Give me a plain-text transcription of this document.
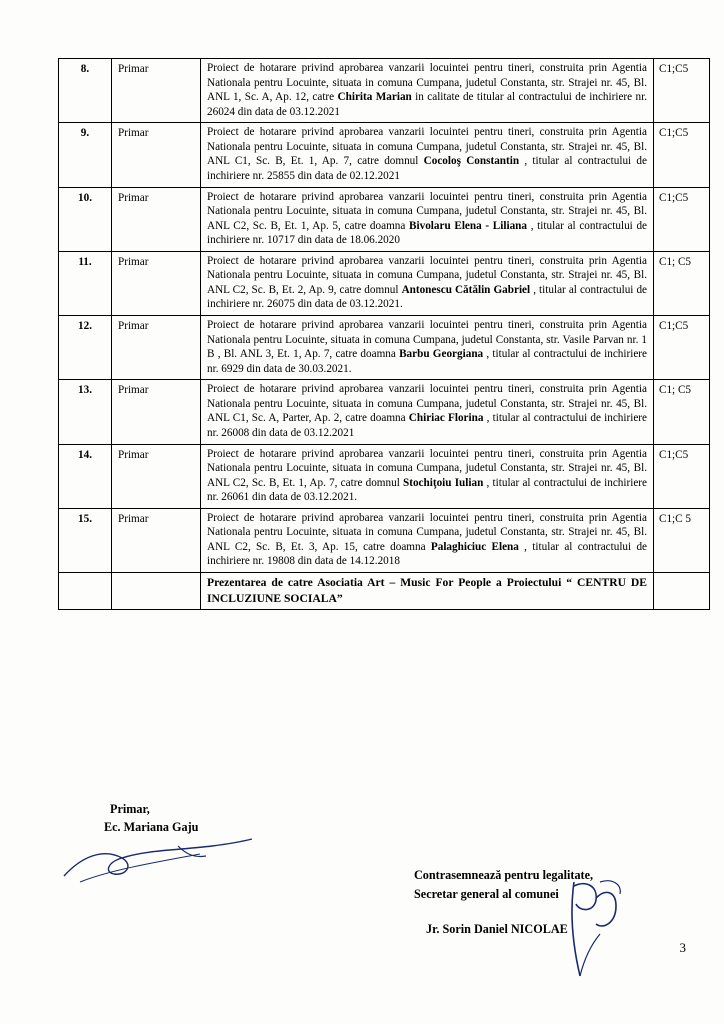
8.	Primar	Proiect de hotarare privind aprobarea vanzarii locuintei pentru tineri, construita prin Agentia Nationala pentru Locuinte, situata in comuna Cumpana, judetul Constanta, str. Strajei nr. 45, Bl. ANL 1, Sc. A, Ap. 12, catre Chirita Marian in calitate de titular al contractului de inchiriere nr. 26024 din data de 03.12.2021	C1;C5
9.	Primar	Proiect de hotarare privind aprobarea vanzarii locuintei pentru tineri, construita prin Agentia Nationala pentru Locuinte, situata in comuna Cumpana, judetul Constanta, str. Strajei nr. 45, Bl. ANL C1, Sc. B, Et. 1, Ap. 7, catre domnul Cocoloş Constantin , titular al contractului de inchiriere nr. 25855 din data de 02.12.2021	C1;C5
10.	Primar	Proiect de hotarare privind aprobarea vanzarii locuintei pentru tineri, construita prin Agentia Nationala pentru Locuinte, situata in comuna Cumpana, judetul Constanta, str. Strajei nr. 45, Bl. ANL C2, Sc. B, Et. 1, Ap. 5, catre doamna Bivolaru Elena - Liliana , titular al contractului de inchiriere nr. 10717 din data de 18.06.2020	C1;C5
11.	Primar	Proiect de hotarare privind aprobarea vanzarii locuintei pentru tineri, construita prin Agentia Nationala pentru Locuinte, situata in comuna Cumpana, judetul Constanta, str. Strajei nr. 45, Bl. ANL C2, Sc. B, Et. 2, Ap. 9, catre domnul Antonescu Cătălin Gabriel , titular al contractului de inchiriere nr. 26075 din data de 03.12.2021.	C1; C5
12.	Primar	Proiect de hotarare privind aprobarea vanzarii locuintei pentru tineri, construita prin Agentia Nationala pentru Locuinte, situata in comuna Cumpana, judetul Constanta, str. Vasile Parvan nr. 1 B , Bl. ANL 3, Et. 1, Ap. 7, catre doamna Barbu Georgiana , titular al contractului de inchiriere nr. 6929 din data de 30.03.2021.	C1;C5
13.	Primar	Proiect de hotarare privind aprobarea vanzarii locuintei pentru tineri, construita prin Agentia Nationala pentru Locuinte, situata in comuna Cumpana, judetul Constanta, str. Strajei nr. 45, Bl. ANL C1, Sc. A, Parter, Ap. 2, catre doamna Chiriac Florina , titular al contractului de inchiriere nr. 26008 din data de 03.12.2021	C1; C5
14.	Primar	Proiect de hotarare privind aprobarea vanzarii locuintei pentru tineri, construita prin Agentia Nationala pentru Locuinte, situata in comuna Cumpana, judetul Constanta, str. Strajei nr. 45, Bl. ANL C2, Sc. B, Et. 1, Ap. 7, catre domnul Stochiţoiu Iulian , titular al contractului de inchiriere nr. 26061 din data de 03.12.2021.	C1;C5
15.	Primar	Proiect de hotarare privind aprobarea vanzarii locuintei pentru tineri, construita prin Agentia Nationala pentru Locuinte, situata in comuna Cumpana, judetul Constanta, str. Strajei nr. 45, Bl. ANL C2, Sc. B, Et. 3, Ap. 15, catre doamna Palaghiciuc Elena , titular al contractului de inchiriere nr. 19808 din data de 14.12.2018	C1;C 5
		Prezentarea de catre Asociatia Art – Music For People a Proiectului “ CENTRU DE INCLUZIUNE SOCIALA”	
Primar,
Ec. Mariana Gaju
Contrasemnează pentru legalitate,
Secretar general al comunei
Jr. Sorin Daniel NICOLAE
3
